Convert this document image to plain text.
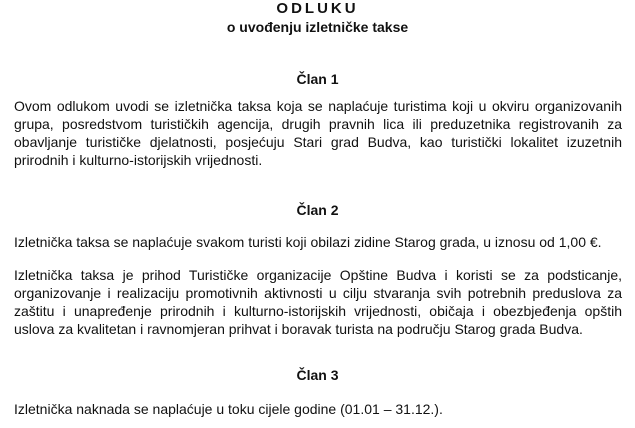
ODLUKU
o uvođenju izletničke takse
Član 1
Ovom odlukom uvodi se izletnička taksa koja se naplaćuje turistima koji u okviru organizovanih
grupa, posredstvom turističkih agencija, drugih pravnih lica ili preduzetnika registrovanih za
obavljanje turističke djelatnosti, posjećuju Stari grad Budva, kao turistički lokalitet izuzetnih
prirodnih i kulturno-istorijskih vrijednosti.
Član 2
Izletnička taksa se naplaćuje svakom turisti koji obilazi zidine Starog grada, u iznosu od 1,00 €.
Izletnička taksa je prihod Turističke organizacije Opštine Budva i koristi se za podsticanje,
organizovanje i realizaciju promotivnih aktivnosti u cilju stvaranja svih potrebnih preduslova za
zaštitu i unapređenje prirodnih i kulturno-istorijskih vrijednosti, običaja i obezbjeđenja opštih
uslova za kvalitetan i ravnomjeran prihvat i boravak turista na području Starog grada Budva.
Član 3
Izletnička naknada se naplaćuje u toku cijele godine (01.01 – 31.12.).
